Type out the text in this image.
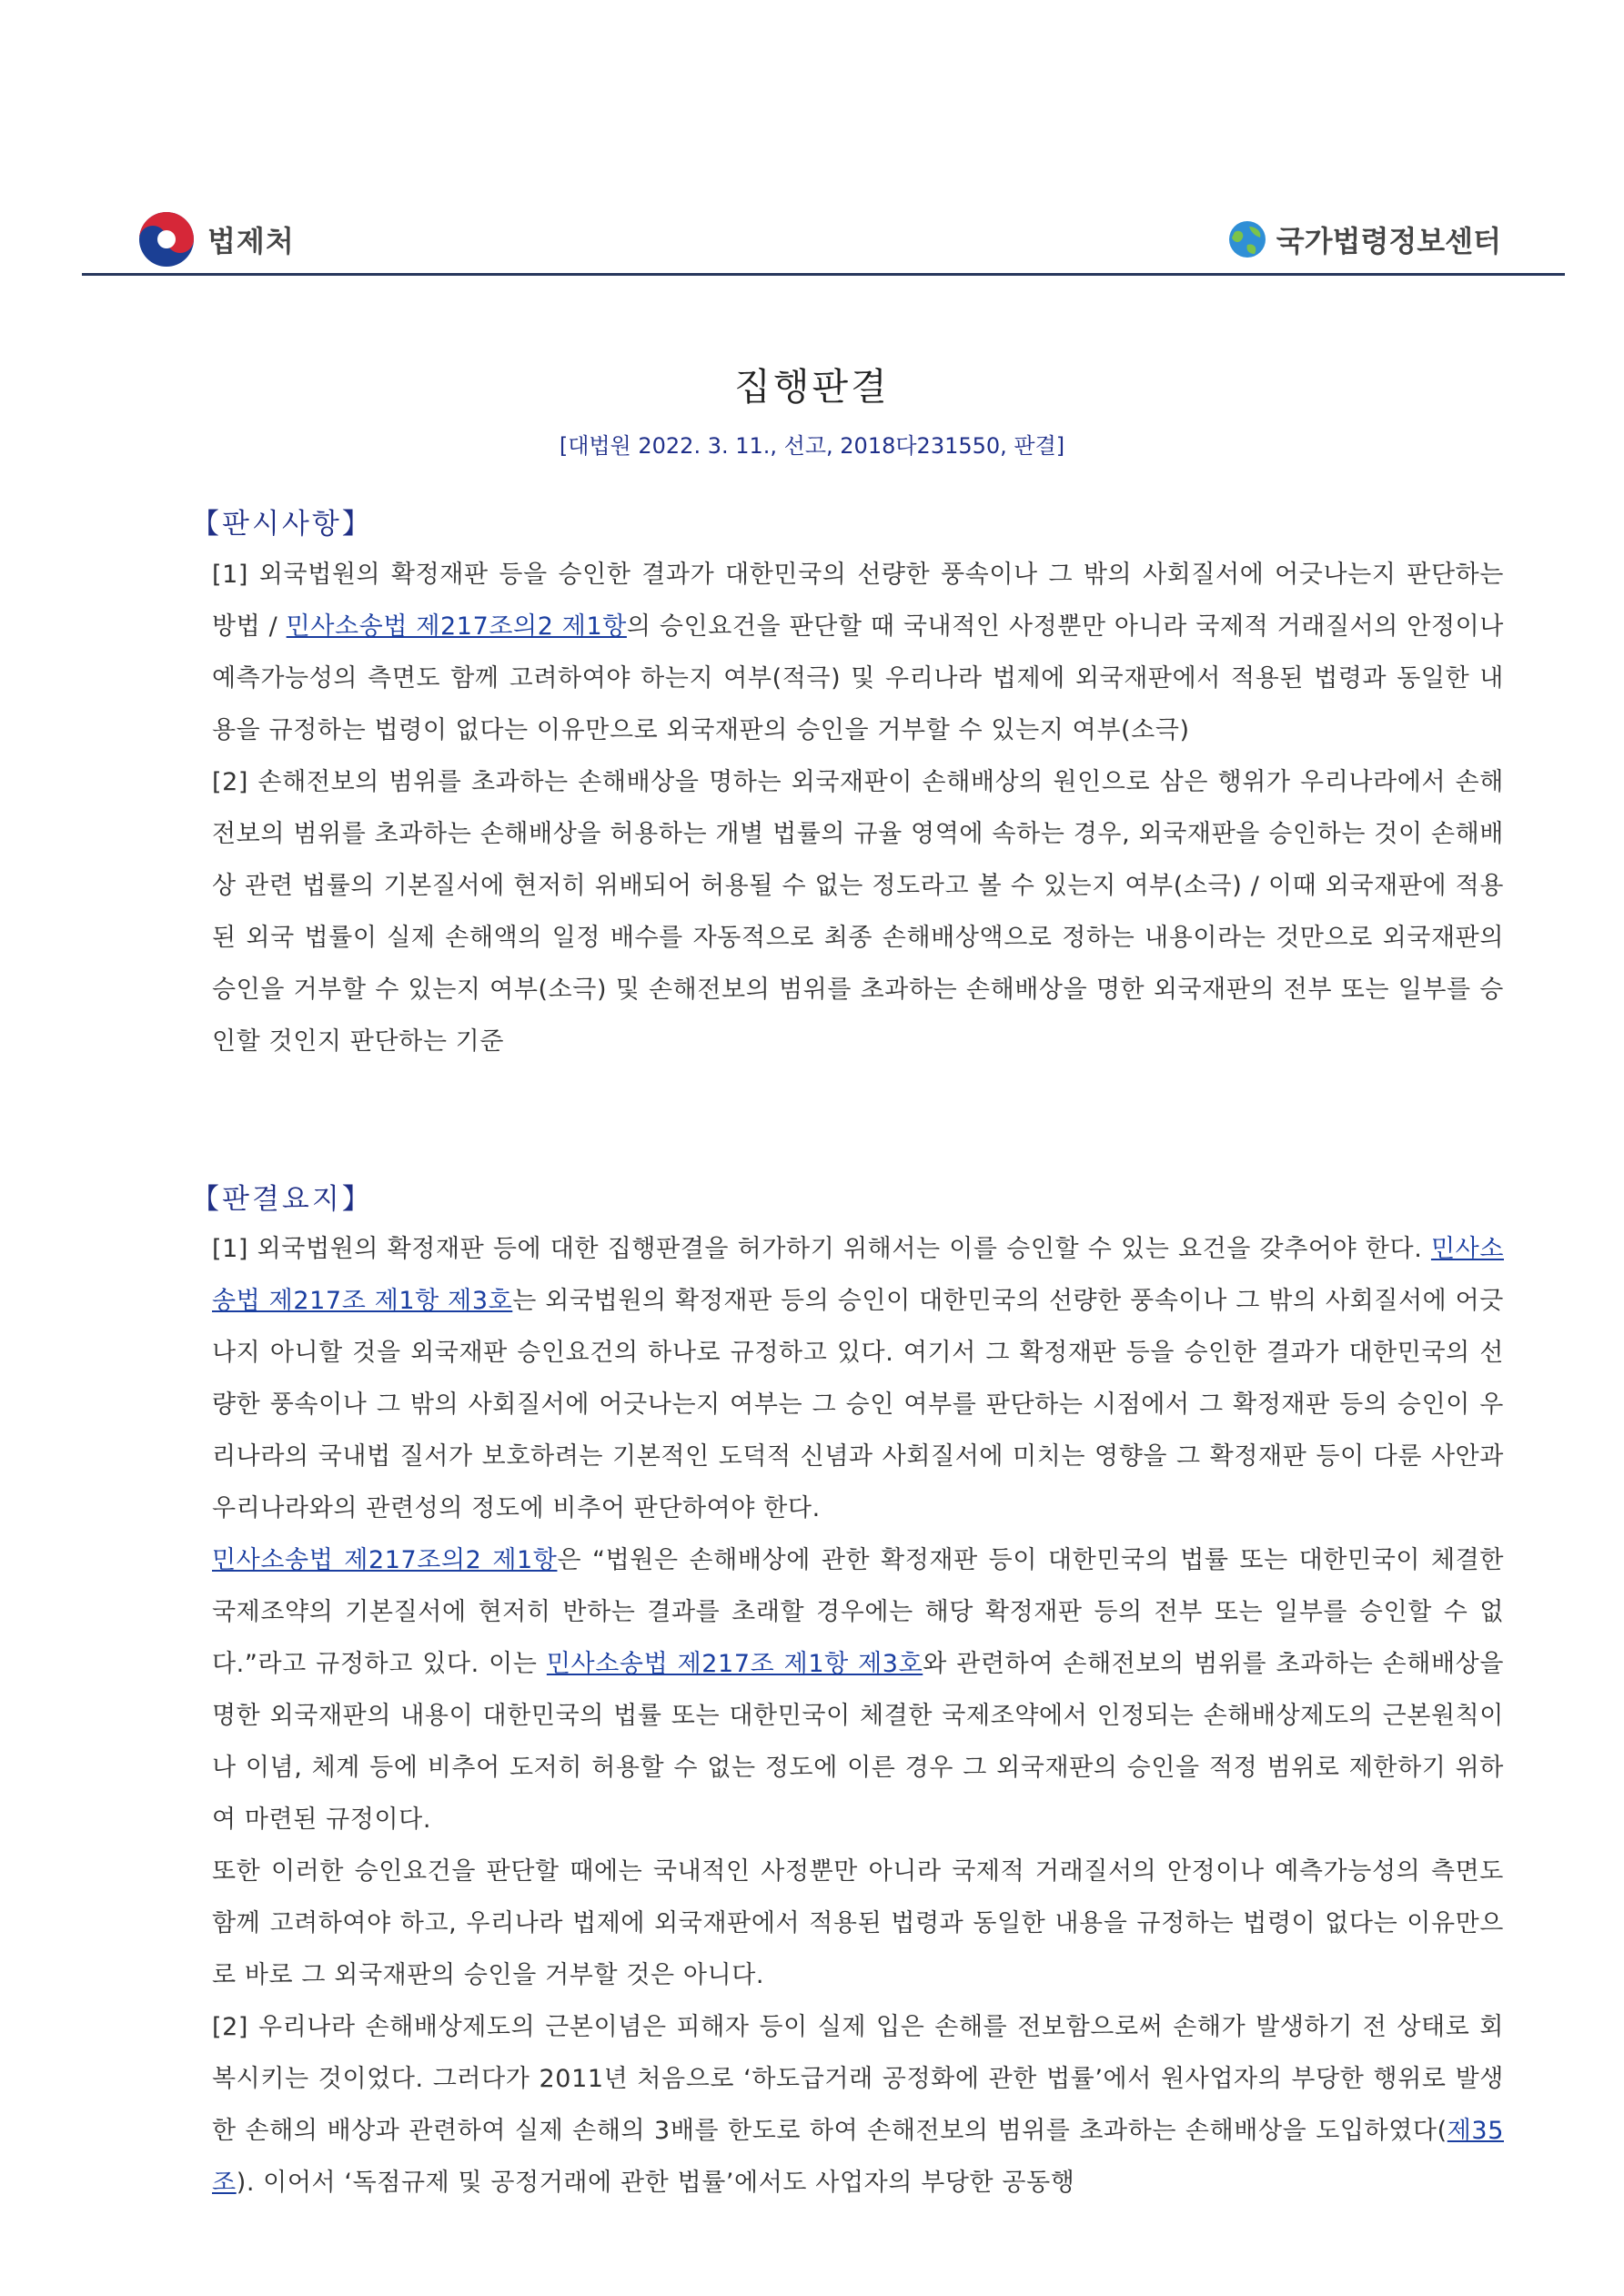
법제처	국가법령정보센터
집행판결
[대법원 2022. 3. 11., 선고, 2018다231550, 판결]
【판시사항】

[1] 외국법원의 확정재판 등을 승인한 결과가 대한민국의 선량한 풍속이나 그 밖의 사회질서에 어긋나는지 판단하는 방법 / 민사소송법 제217조의2 제1항의 승인요건을 판단할 때 국내적인 사정뿐만 아니라 국제적 거래질서의 안정이나 예측가능성의 측면도 함께 고려하여야 하는지 여부(적극) 및 우리나라 법제에 외국재판에서 적용된 법령과 동일한 내용을 규정하는 법령이 없다는 이유만으로 외국재판의 승인을 거부할 수 있는지 여부(소극)

[2] 손해전보의 범위를 초과하는 손해배상을 명하는 외국재판이 손해배상의 원인으로 삼은 행위가 우리나라에서 손해전보의 범위를 초과하는 손해배상을 허용하는 개별 법률의 규율 영역에 속하는 경우, 외국재판을 승인하는 것이 손해배상 관련 법률의 기본질서에 현저히 위배되어 허용될 수 없는 정도라고 볼 수 있는지 여부(소극) / 이때 외국재판에 적용된 외국 법률이 실제 손해액의 일정 배수를 자동적으로 최종 손해배상액으로 정하는 내용이라는 것만으로 외국재판의 승인을 거부할 수 있는지 여부(소극) 및 손해전보의 범위를 초과하는 손해배상을 명한 외국재판의 전부 또는 일부를 승인할 것인지 판단하는 기준

【판결요지】

[1] 외국법원의 확정재판 등에 대한 집행판결을 허가하기 위해서는 이를 승인할 수 있는 요건을 갖추어야 한다. 민사소송법 제217조 제1항 제3호는 외국법원의 확정재판 등의 승인이 대한민국의 선량한 풍속이나 그 밖의 사회질서에 어긋나지 아니할 것을 외국재판 승인요건의 하나로 규정하고 있다. 여기서 그 확정재판 등을 승인한 결과가 대한민국의 선량한 풍속이나 그 밖의 사회질서에 어긋나는지 여부는 그 승인 여부를 판단하는 시점에서 그 확정재판 등의 승인이 우리나라의 국내법 질서가 보호하려는 기본적인 도덕적 신념과 사회질서에 미치는 영향을 그 확정재판 등이 다룬 사안과 우리나라와의 관련성의 정도에 비추어 판단하여야 한다.

민사소송법 제217조의2 제1항은 “법원은 손해배상에 관한 확정재판 등이 대한민국의 법률 또는 대한민국이 체결한 국제조약의 기본질서에 현저히 반하는 결과를 초래할 경우에는 해당 확정재판 등의 전부 또는 일부를 승인할 수 없다.”라고 규정하고 있다. 이는 민사소송법 제217조 제1항 제3호와 관련하여 손해전보의 범위를 초과하는 손해배상을 명한 외국재판의 내용이 대한민국의 법률 또는 대한민국이 체결한 국제조약에서 인정되는 손해배상제도의 근본원칙이나 이념, 체계 등에 비추어 도저히 허용할 수 없는 정도에 이른 경우 그 외국재판의 승인을 적정 범위로 제한하기 위하여 마련된 규정이다.

또한 이러한 승인요건을 판단할 때에는 국내적인 사정뿐만 아니라 국제적 거래질서의 안정이나 예측가능성의 측면도 함께 고려하여야 하고, 우리나라 법제에 외국재판에서 적용된 법령과 동일한 내용을 규정하는 법령이 없다는 이유만으로 바로 그 외국재판의 승인을 거부할 것은 아니다.

[2] 우리나라 손해배상제도의 근본이념은 피해자 등이 실제 입은 손해를 전보함으로써 손해가 발생하기 전 상태로 회복시키는 것이었다. 그러다가 2011년 처음으로 ‘하도급거래 공정화에 관한 법률’에서 원사업자의 부당한 행위로 발생한 손해의 배상과 관련하여 실제 손해의 3배를 한도로 하여 손해전보의 범위를 초과하는 손해배상을 도입하였다(제35조). 이어서 ‘독점규제 및 공정거래에 관한 법률’에서도 사업자의 부당한 공동행
